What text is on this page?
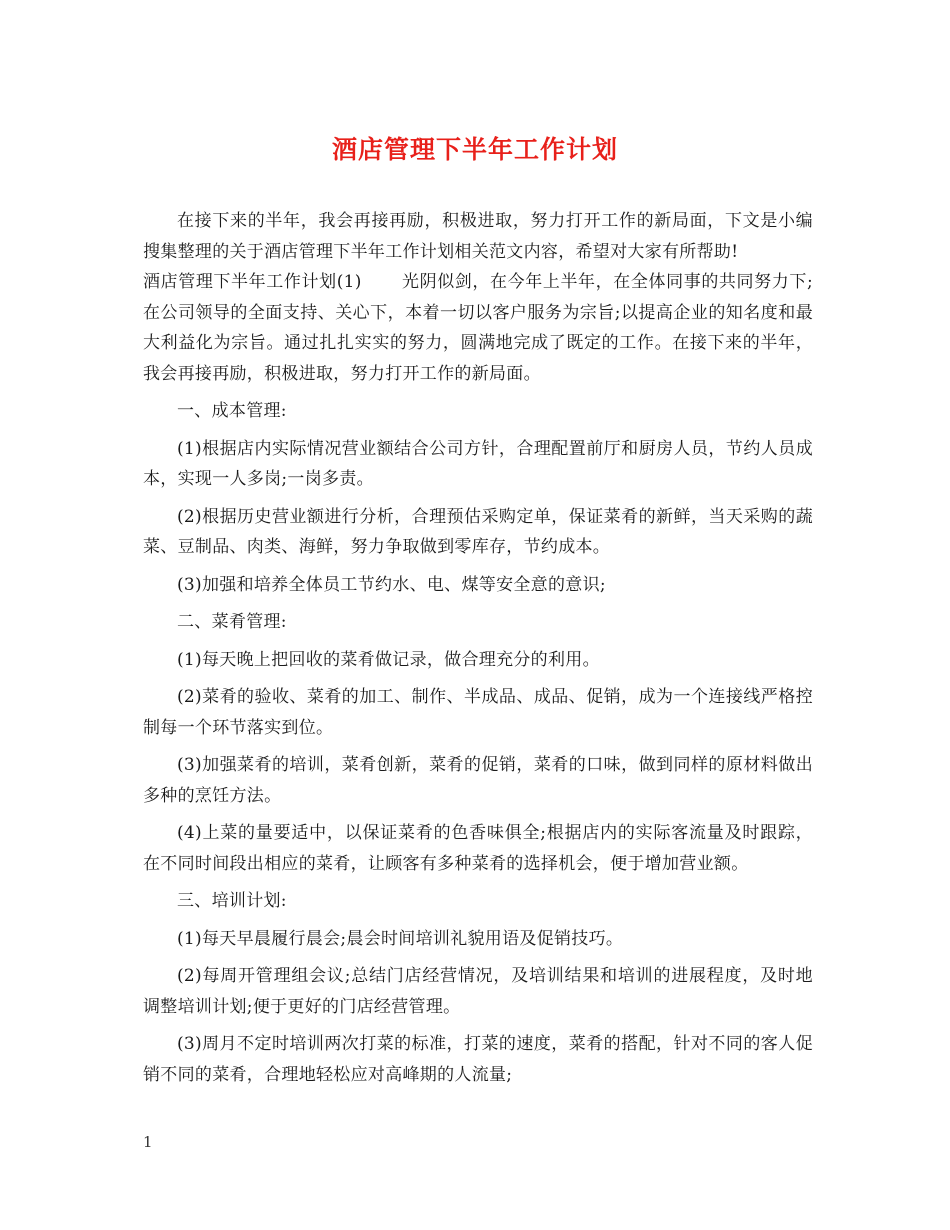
酒店管理下半年工作计划

在接下来的半年，我会再接再励，积极进取，努力打开工作的新局面，下文是小编搜集整理的关于酒店管理下半年工作计划相关范文内容，希望对大家有所帮助!

酒店管理下半年工作计划(1) 光阴似剑，在今年上半年，在全体同事的共同努力下;在公司领导的全面支持、关心下，本着一切以客户服务为宗旨;以提高企业的知名度和最大利益化为宗旨。通过扎扎实实的努力，圆满地完成了既定的工作。在接下来的半年，我会再接再励，积极进取，努力打开工作的新局面。

一、成本管理:

(1)根据店内实际情况营业额结合公司方针，合理配置前厅和厨房人员，节约人员成本，实现一人多岗;一岗多责。

(2)根据历史营业额进行分析，合理预估采购定单，保证菜肴的新鲜，当天采购的蔬菜、豆制品、肉类、海鲜，努力争取做到零库存，节约成本。

(3)加强和培养全体员工节约水、电、煤等安全意的意识;

二、菜肴管理:

(1)每天晚上把回收的菜肴做记录，做合理充分的利用。

(2)菜肴的验收、菜肴的加工、制作、半成品、成品、促销，成为一个连接线严格控制每一个环节落实到位。

(3)加强菜肴的培训，菜肴创新，菜肴的促销，菜肴的口味，做到同样的原材料做出多种的烹饪方法。

(4)上菜的量要适中，以保证菜肴的色香味俱全;根据店内的实际客流量及时跟踪，在不同时间段出相应的菜肴，让顾客有多种菜肴的选择机会，便于增加营业额。

三、培训计划:

(1)每天早晨履行晨会;晨会时间培训礼貌用语及促销技巧。

(2)每周开管理组会议;总结门店经营情况，及培训结果和培训的进展程度，及时地调整培训计划;便于更好的门店经营管理。

(3)周月不定时培训两次打菜的标准，打菜的速度，菜肴的搭配，针对不同的客人促销不同的菜肴，合理地轻松应对高峰期的人流量;

1
